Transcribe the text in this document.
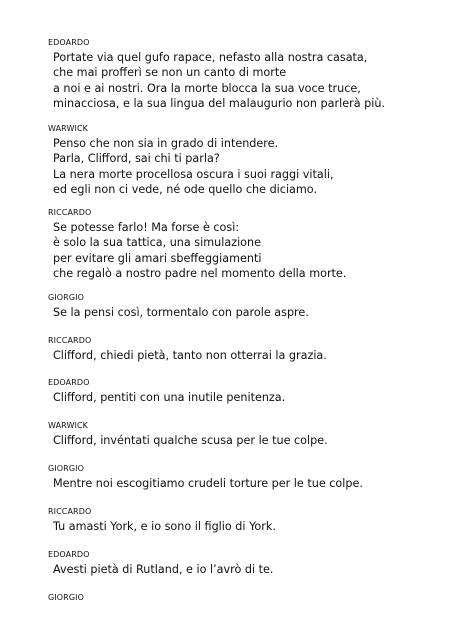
EDOARDO
Portate via quel gufo rapace, nefasto alla nostra casata,
che mai profferì se non un canto di morte
a noi e ai nostri. Ora la morte blocca la sua voce truce,
minacciosa, e la sua lingua del malaugurio non parlerà più.
WARWICK
Penso che non sia in grado di intendere.
Parla, Clifford, sai chi ti parla?
La nera morte procellosa oscura i suoi raggi vitali,
ed egli non ci vede, né ode quello che diciamo.
RICCARDO
Se potesse farlo! Ma forse è così:
è solo la sua tattica, una simulazione
per evitare gli amari sbeffeggiamenti
che regalò a nostro padre nel momento della morte.
GIORGIO
Se la pensi così, tormentalo con parole aspre.
RICCARDO
Clifford, chiedi pietà, tanto non otterrai la grazia.
EDOARDO
Clifford, pentiti con una inutile penitenza.
WARWICK
Clifford, invéntati qualche scusa per le tue colpe.
GIORGIO
Mentre noi escogitiamo crudeli torture per le tue colpe.
RICCARDO
Tu amasti York, e io sono il figlio di York.
EDOARDO
Avesti pietà di Rutland, e io l’avrò di te.
GIORGIO
